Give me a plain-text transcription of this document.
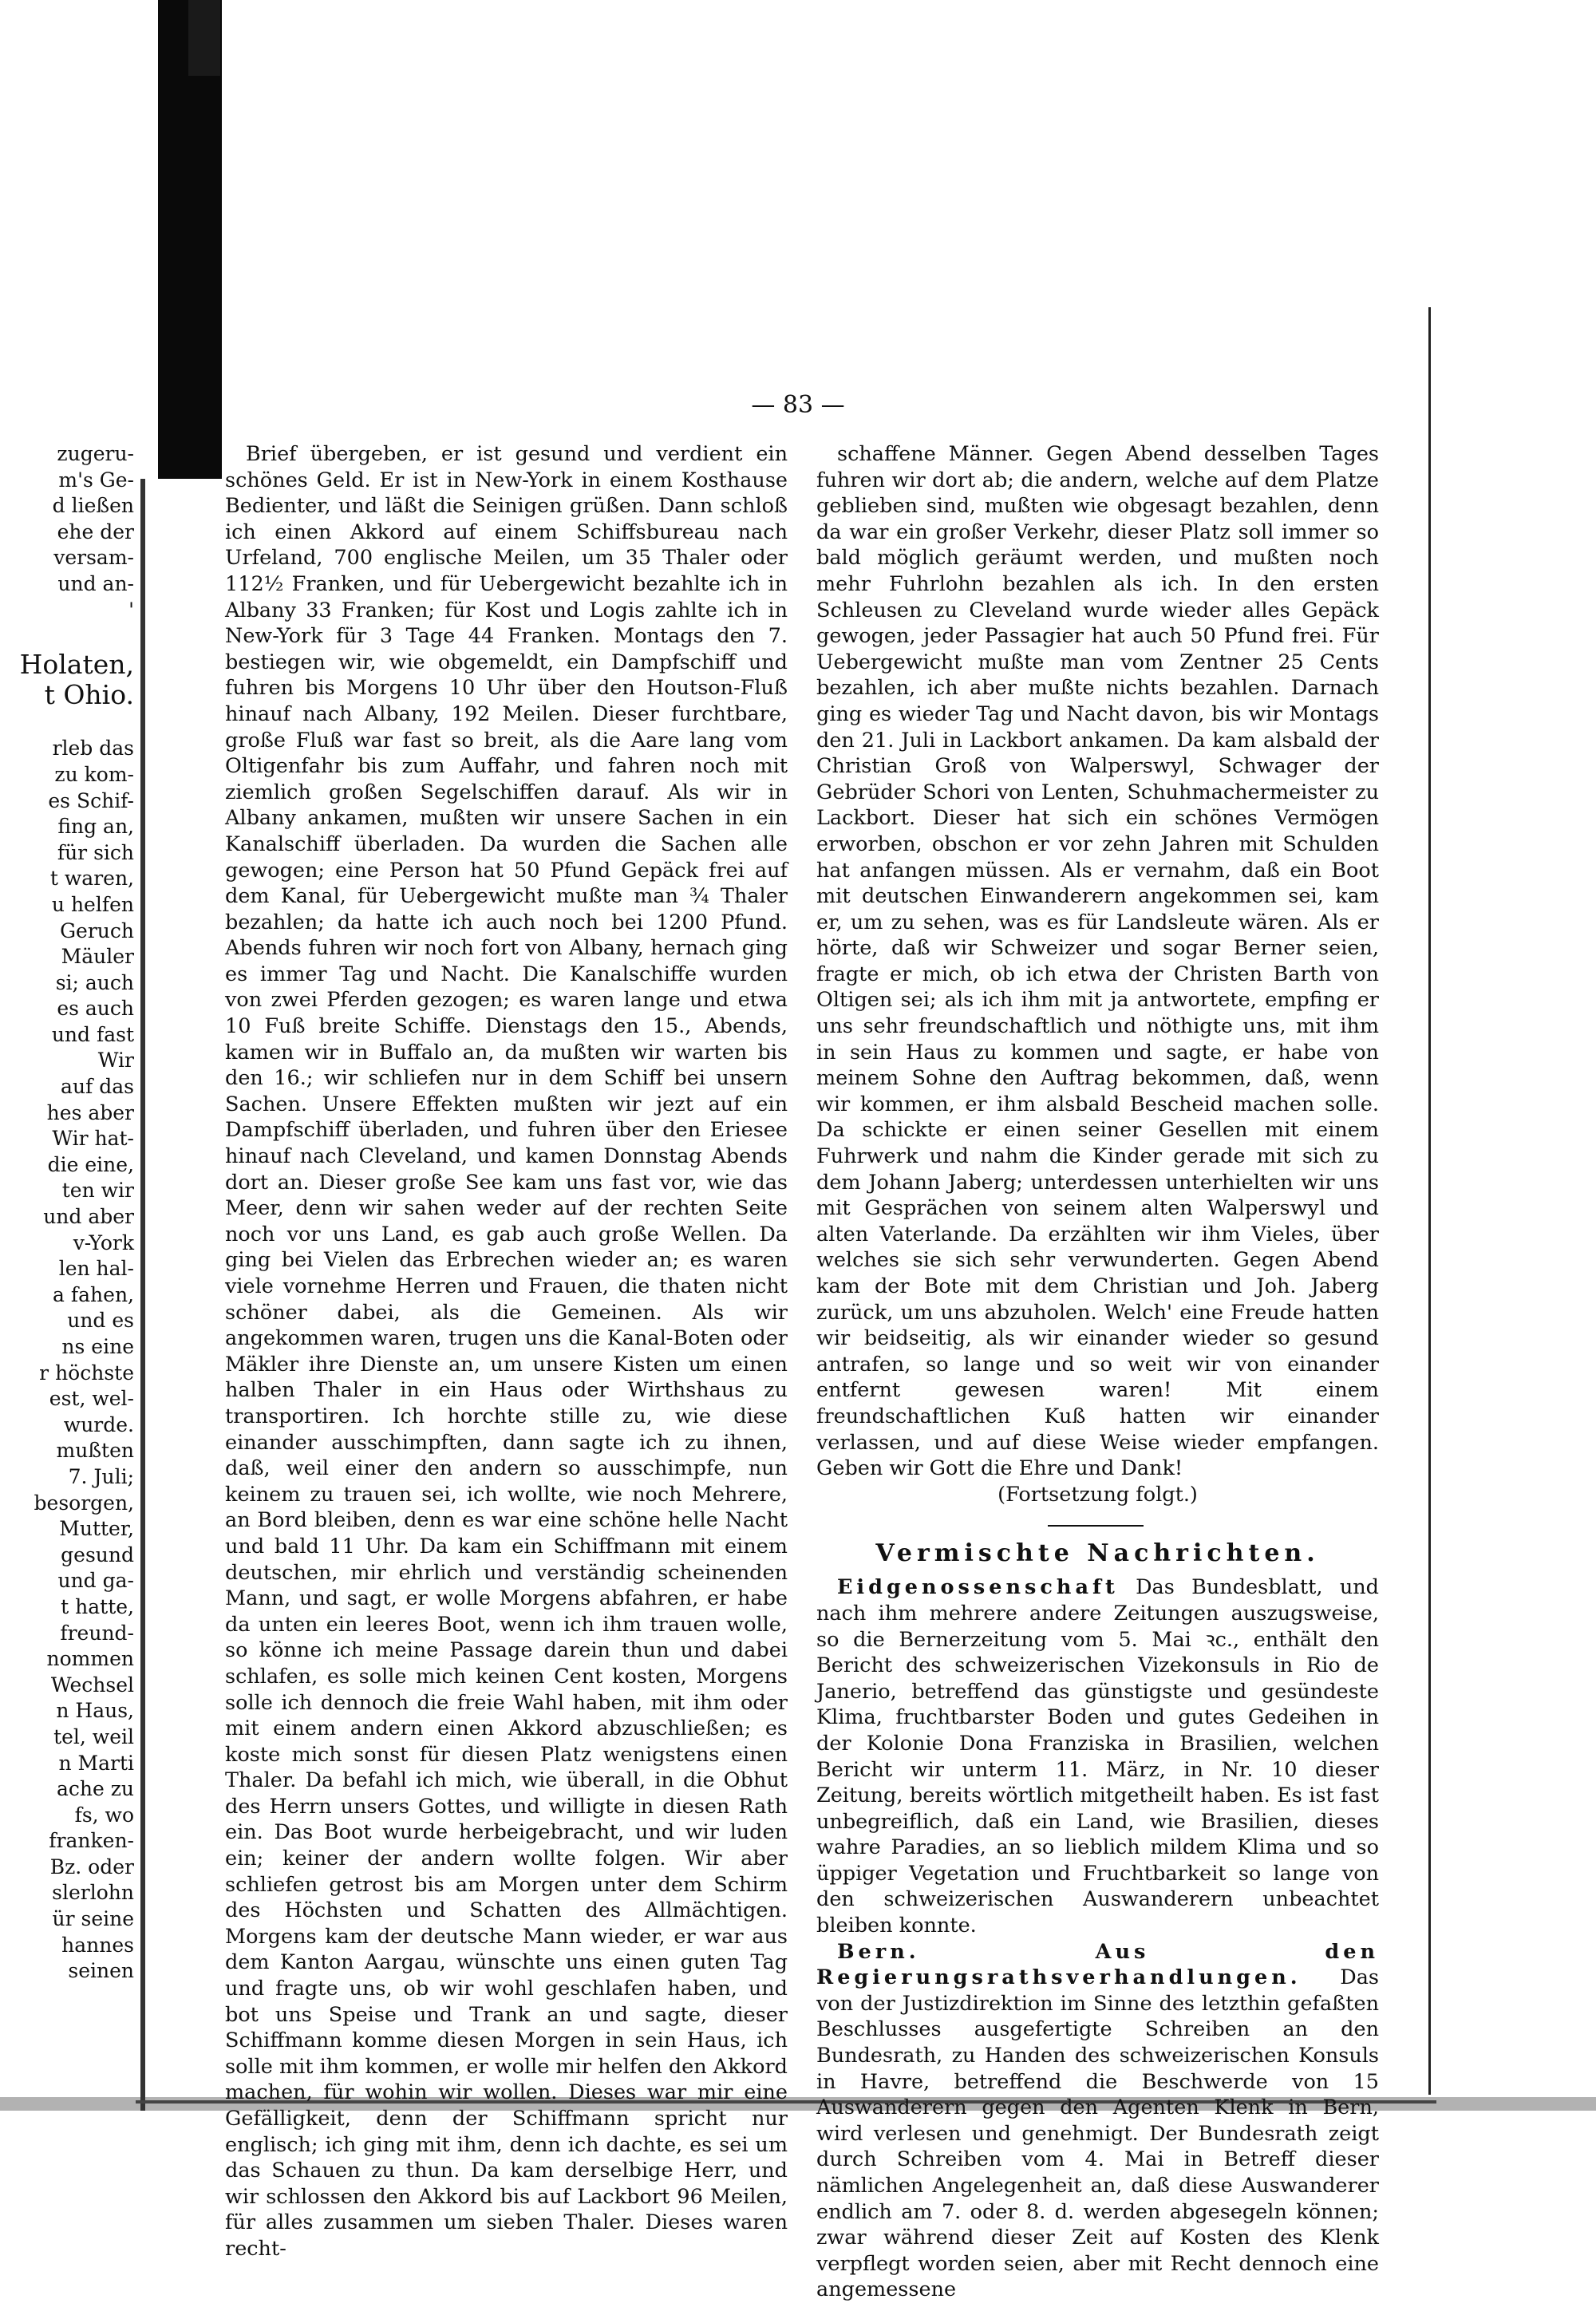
— 83 —
zugeru-
m's Ge-
d ließen
ehe der
versam-
und an-
'
Holaten,
t Ohio.
rleb das
zu kom-
es Schif-
fing an,
für sich
t waren,
u helfen
Geruch
Mäuler
si; auch
es auch
und fast
Wir
auf das
hes aber
Wir hat-
die eine,
ten wir
und aber
v-York
len hal-
a fahen,
und es
ns eine
r höchste
est, wel-
wurde.
mußten
7. Juli;
besorgen,
Mutter,
gesund
und ga-
t hatte,
freund-
nommen
Wechsel
n Haus,
tel, weil
n Marti
ache zu
fs, wo
franken-
Bz. oder
slerlohn
ür seine
hannes
seinen

Brief übergeben, er ist gesund und verdient ein schönes Geld. Er ist in New-York in einem Kosthause Bedienter, und läßt die Seinigen grüßen. Dann schloß ich einen Akkord auf einem Schiffsbureau nach Urfeland, 700 englische Meilen, um 35 Thaler oder 112½ Franken, und für Uebergewicht bezahlte ich in Albany 33 Franken; für Kost und Logis zahlte ich in New-York für 3 Tage 44 Franken. Montags den 7. bestiegen wir, wie obgemeldt, ein Dampfschiff und fuhren bis Morgens 10 Uhr über den Houtson-Fluß hinauf nach Albany, 192 Meilen. Dieser furchtbare, große Fluß war fast so breit, als die Aare lang vom Oltigenfahr bis zum Auffahr, und fahren noch mit ziemlich großen Segelschiffen darauf. Als wir in Albany ankamen, mußten wir unsere Sachen in ein Kanalschiff überladen. Da wurden die Sachen alle gewogen; eine Person hat 50 Pfund Gepäck frei auf dem Kanal, für Uebergewicht mußte man ¾ Thaler bezahlen; da hatte ich auch noch bei 1200 Pfund. Abends fuhren wir noch fort von Albany, hernach ging es immer Tag und Nacht. Die Kanalschiffe wurden von zwei Pferden gezogen; es waren lange und etwa 10 Fuß breite Schiffe. Dienstags den 15., Abends, kamen wir in Buffalo an, da mußten wir warten bis den 16.; wir schliefen nur in dem Schiff bei unsern Sachen. Unsere Effekten mußten wir jezt auf ein Dampfschiff überladen, und fuhren über den Eriesee hinauf nach Cleveland, und kamen Donnstag Abends dort an. Dieser große See kam uns fast vor, wie das Meer, denn wir sahen weder auf der rechten Seite noch vor uns Land, es gab auch große Wellen. Da ging bei Vielen das Erbrechen wieder an; es waren viele vornehme Herren und Frauen, die thaten nicht schöner dabei, als die Gemeinen. Als wir angekommen waren, trugen uns die Kanal-Boten oder Mäkler ihre Dienste an, um unsere Kisten um einen halben Thaler in ein Haus oder Wirthshaus zu transportiren. Ich horchte stille zu, wie diese einander ausschimpften, dann sagte ich zu ihnen, daß, weil einer den andern so ausschimpfe, nun keinem zu trauen sei, ich wollte, wie noch Mehrere, an Bord bleiben, denn es war eine schöne helle Nacht und bald 11 Uhr. Da kam ein Schiffmann mit einem deutschen, mir ehrlich und verständig scheinenden Mann, und sagt, er wolle Morgens abfahren, er habe da unten ein leeres Boot, wenn ich ihm trauen wolle, so könne ich meine Passage darein thun und dabei schlafen, es solle mich keinen Cent kosten, Morgens solle ich dennoch die freie Wahl haben, mit ihm oder mit einem andern einen Akkord abzuschließen; es koste mich sonst für diesen Platz wenigstens einen Thaler. Da befahl ich mich, wie überall, in die Obhut des Herrn unsers Gottes, und willigte in diesen Rath ein. Das Boot wurde herbeigebracht, und wir luden ein; keiner der andern wollte folgen. Wir aber schliefen getrost bis am Morgen unter dem Schirm des Höchsten und Schatten des Allmächtigen. Morgens kam der deutsche Mann wieder, er war aus dem Kanton Aargau, wünschte uns einen guten Tag und fragte uns, ob wir wohl geschlafen haben, und bot uns Speise und Trank an und sagte, dieser Schiffmann komme diesen Morgen in sein Haus, ich solle mit ihm kommen, er wolle mir helfen den Akkord machen, für wohin wir wollen. Dieses war mir eine Gefälligkeit, denn der Schiffmann spricht nur englisch; ich ging mit ihm, denn ich dachte, es sei um das Schauen zu thun. Da kam derselbige Herr, und wir schlossen den Akkord bis auf Lackbort 96 Meilen, für alles zusammen um sieben Thaler. Dieses waren recht-

schaffene Männer. Gegen Abend desselben Tages fuhren wir dort ab; die andern, welche auf dem Platze geblieben sind, mußten wie obgesagt bezahlen, denn da war ein großer Verkehr, dieser Platz soll immer so bald möglich geräumt werden, und mußten noch mehr Fuhrlohn bezahlen als ich. In den ersten Schleusen zu Cleveland wurde wieder alles Gepäck gewogen, jeder Passagier hat auch 50 Pfund frei. Für Uebergewicht mußte man vom Zentner 25 Cents bezahlen, ich aber mußte nichts bezahlen. Darnach ging es wieder Tag und Nacht davon, bis wir Montags den 21. Juli in Lackbort ankamen. Da kam alsbald der Christian Groß von Walperswyl, Schwager der Gebrüder Schori von Lenten, Schuhmachermeister zu Lackbort. Dieser hat sich ein schönes Vermögen erworben, obschon er vor zehn Jahren mit Schulden hat anfangen müssen. Als er vernahm, daß ein Boot mit deutschen Einwanderern angekommen sei, kam er, um zu sehen, was es für Landsleute wären. Als er hörte, daß wir Schweizer und sogar Berner seien, fragte er mich, ob ich etwa der Christen Barth von Oltigen sei; als ich ihm mit ja antwortete, empfing er uns sehr freundschaftlich und nöthigte uns, mit ihm in sein Haus zu kommen und sagte, er habe von meinem Sohne den Auftrag bekommen, daß, wenn wir kommen, er ihm alsbald Bescheid machen solle. Da schickte er einen seiner Gesellen mit einem Fuhrwerk und nahm die Kinder gerade mit sich zu dem Johann Jaberg; unterdessen unterhielten wir uns mit Gesprächen von seinem alten Walperswyl und alten Vaterlande. Da erzählten wir ihm Vieles, über welches sie sich sehr verwunderten. Gegen Abend kam der Bote mit dem Christian und Joh. Jaberg zurück, um uns abzuholen. Welch' eine Freude hatten wir beidseitig, als wir einander wieder so gesund antrafen, so lange und so weit wir von einander entfernt gewesen waren! Mit einem freundschaftlichen Kuß hatten wir einander verlassen, und auf diese Weise wieder empfangen. Geben wir Gott die Ehre und Dank!

(Fortsetzung folgt.)

Vermischte Nachrichten.

Eidgenossenschaft Das Bundesblatt, und nach ihm mehrere andere Zeitungen auszugsweise, so die Bernerzeitung vom 5. Mai ꝛc., enthält den Bericht des schweizerischen Vizekonsuls in Rio de Janerio, betreffend das günstigste und gesündeste Klima, fruchtbarster Boden und gutes Gedeihen in der Kolonie Dona Franziska in Brasilien, welchen Bericht wir unterm 11. März, in Nr. 10 dieser Zeitung, bereits wörtlich mitgetheilt haben. Es ist fast unbegreiflich, daß ein Land, wie Brasilien, dieses wahre Paradies, an so lieblich mildem Klima und so üppiger Vegetation und Fruchtbarkeit so lange von den schweizerischen Auswanderern unbeachtet bleiben konnte.

Bern. Aus den Regierungsrathsverhandlungen. Das von der Justizdirektion im Sinne des letzthin gefaßten Beschlusses ausgefertigte Schreiben an den Bundesrath, zu Handen des schweizerischen Konsuls in Havre, betreffend die Beschwerde von 15 Auswanderern gegen den Agenten Klenk in Bern, wird verlesen und genehmigt. Der Bundesrath zeigt durch Schreiben vom 4. Mai in Betreff dieser nämlichen Angelegenheit an, daß diese Auswanderer endlich am 7. oder 8. d. werden abgesegeln können; zwar während dieser Zeit auf Kosten des Klenk verpflegt worden seien, aber mit Recht dennoch eine angemessene
